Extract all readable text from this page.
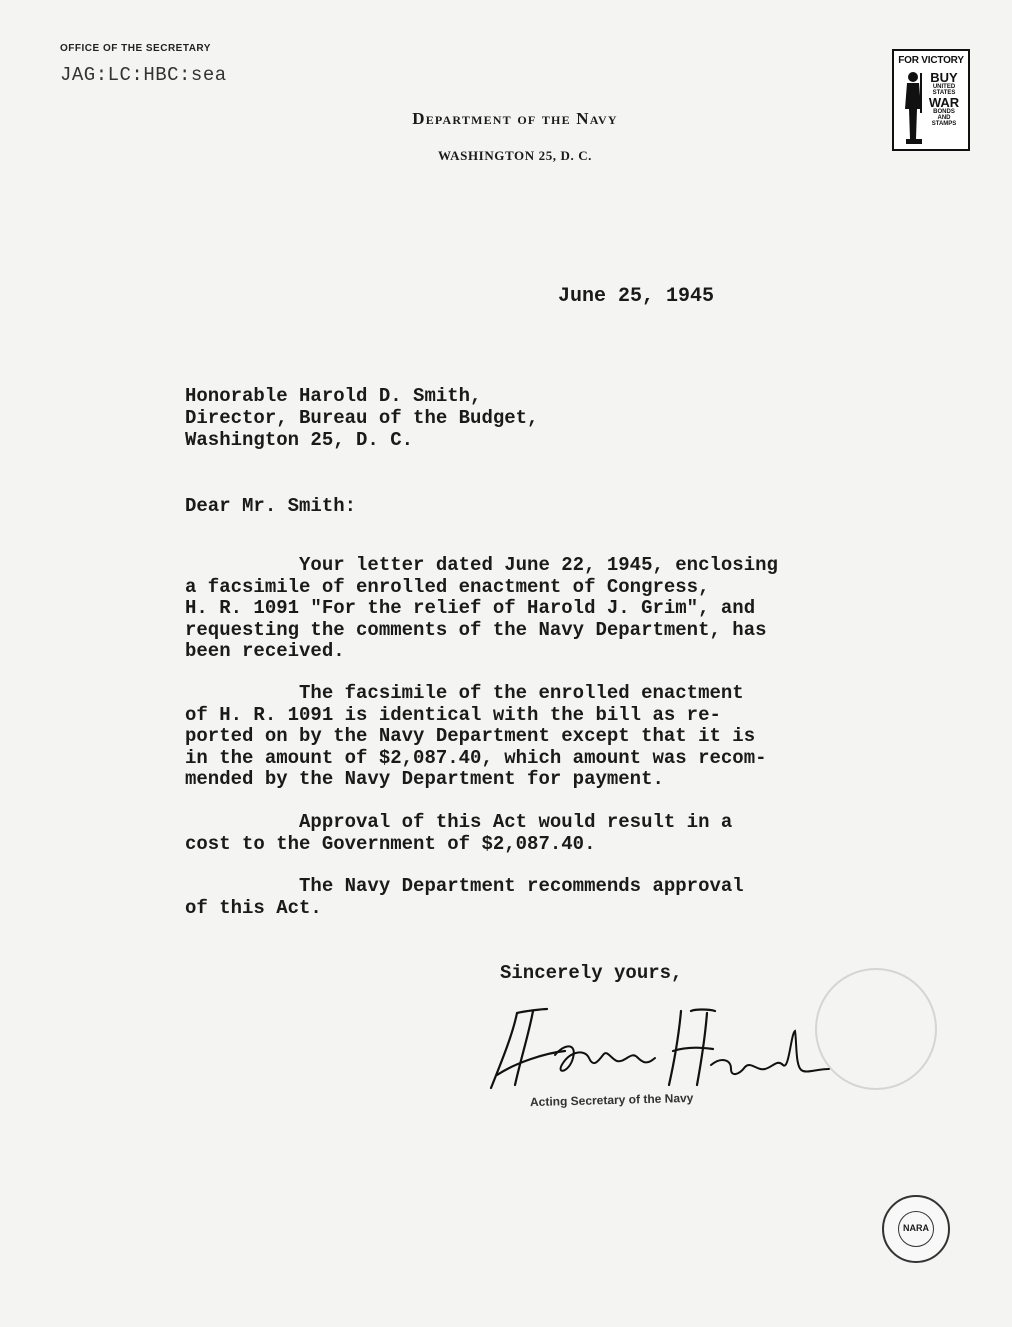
OFFICE OF THE SECRETARY
JAG:LC:HBC:sea
Department of the Navy
WASHINGTON 25, D. C.
FOR VICTORY
BUY
UNITED
STATES
WAR
BONDS
AND
STAMPS
June 25, 1945
Honorable Harold D. Smith,
Director, Bureau of the Budget,
Washington 25, D. C.
Dear Mr. Smith:
Your letter dated June 22, 1945, enclosing
a facsimile of enrolled enactment of Congress,
H. R. 1091 "For the relief of Harold J. Grim", and
requesting the comments of the Navy Department, has
been received.
The facsimile of the enrolled enactment
of H. R. 1091 is identical with the bill as re-
ported on by the Navy Department except that it is
in the amount of $2,087.40, which amount was recom-
mended by the Navy Department for payment.
Approval of this Act would result in a
cost to the Government of $2,087.40.
The Navy Department recommends approval
of this Act.
Sincerely yours,
Acting Secretary of the Navy
NARA
